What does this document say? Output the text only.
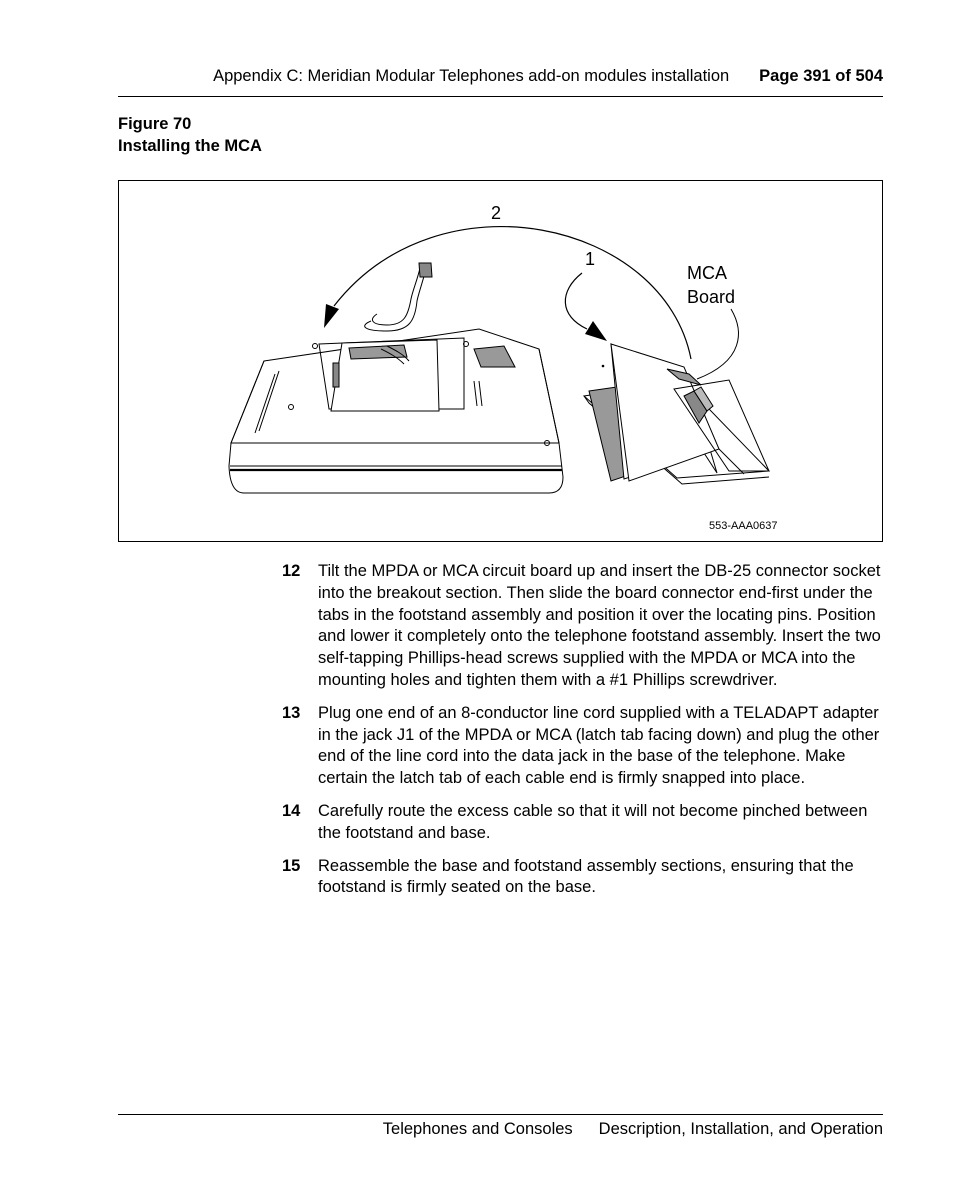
Appendix C: Meridian Modular Telephones add-on modules installation Page 391 of 504
Figure 70
Installing the MCA
2
1
MCA
Board
553-AAA0637
12	Tilt the MPDA or MCA circuit board up and insert the DB-25 connector socket into the breakout section. Then slide the board connector end-first under the tabs in the footstand assembly and position it over the locating pins. Position and lower it completely onto the telephone footstand assembly. Insert the two self-tapping Phillips-head screws supplied with the MPDA or MCA into the mounting holes and tighten them with a #1 Phillips screwdriver.
13	Plug one end of an 8-conductor line cord supplied with a TELADAPT adapter in the jack J1 of the MPDA or MCA (latch tab facing down) and plug the other end of the line cord into the data jack in the base of the telephone. Make certain the latch tab of each cable end is firmly snapped into place.
14	Carefully route the excess cable so that it will not become pinched between the footstand and base.
15	Reassemble the base and footstand assembly sections, ensuring that the footstand is firmly seated on the base.
Telephones and Consoles Description, Installation, and Operation
